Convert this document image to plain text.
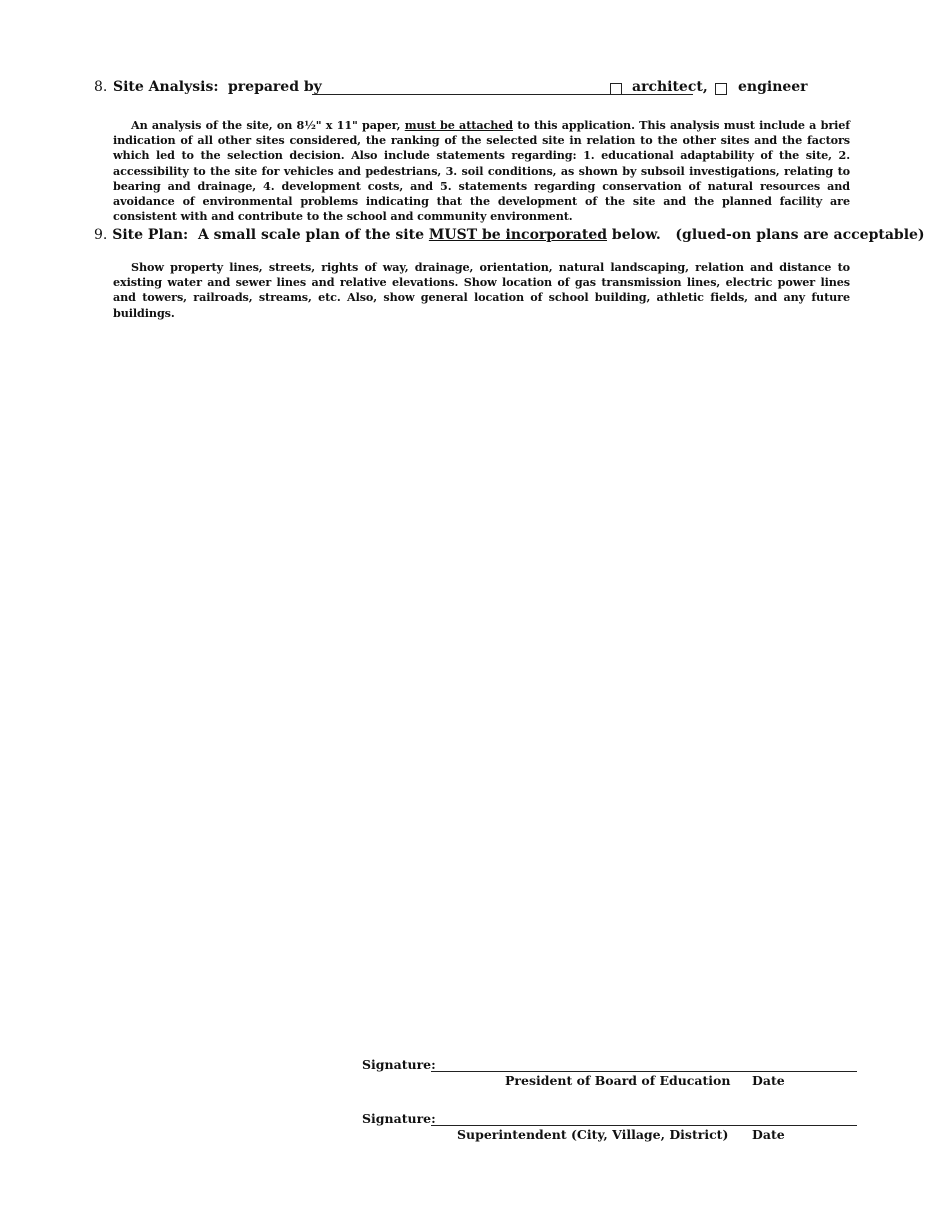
8. Site Analysis: prepared by	architect, engineer
An analysis of the site, on 8½" x 11" paper, must be attached to this application. This analysis must include a brief indication of all other sites considered, the ranking of the selected site in relation to the other sites and the factors which led to the selection decision. Also include statements regarding: 1. educational adaptability of the site, 2. accessibility to the site for vehicles and pedestrians, 3. soil conditions, as shown by subsoil investigations, relating to bearing and drainage, 4. development costs, and 5. statements regarding conservation of natural resources and avoidance of environmental problems indicating that the development of the site and the planned facility are consistent with and contribute to the school and community environment.
9. Site Plan: A small scale plan of the site MUST be incorporated below. (glued-on plans are acceptable)
Show property lines, streets, rights of way, drainage, orientation, natural landscaping, relation and distance to existing water and sewer lines and relative elevations. Show location of gas transmission lines, electric power lines and towers, railroads, streams, etc. Also, show general location of school building, athletic fields, and any future buildings.
Signature:
President of Board of Education Date
Signature:
Superintendent (City, Village, District) Date
